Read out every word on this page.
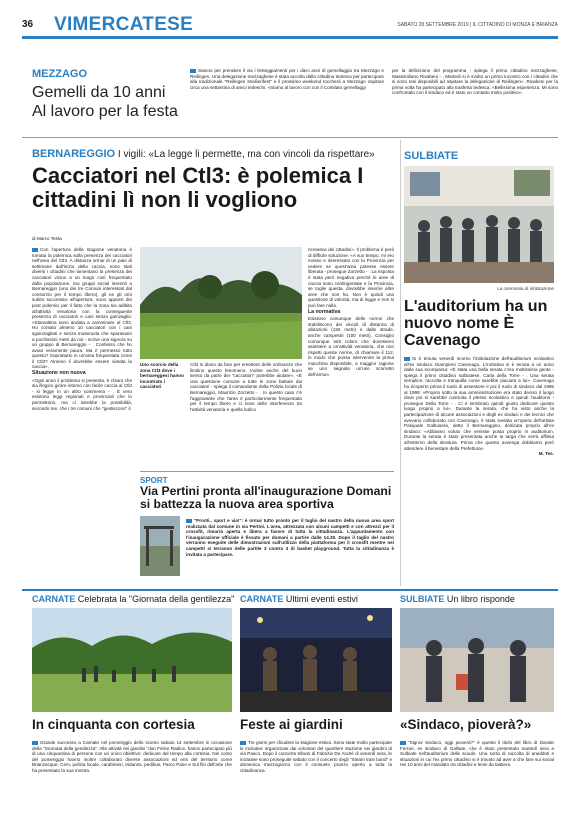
36 VIMERCATESE	SABATO 28 SETTEMBRE 2019 | IL CITTADINO DI MONZA E BRIANZA
MEZZAGO
Gemelli da 10 anni Al lavoro per la festa
Stanno per prendere il via i festeggiamenti per i dieci anni di gemellaggio tra Mezzago e Reilingen. Una delegazione mezzaghese è stata accolta dalla cittadina tedesca per partecipare alla tradizionale "Reilingen straßenfest" e il prossimo weekend toccherà a Mezzago ospitare circa una settantina di amici tedeschi. «Siamo al lavoro con con il Comitato gemellaggi
per la definizione del programma - spiega il primo cittadino mezzaghese, Massimiliano Rivabeni - . Martedì si è svolto un primo incontro con i cittadini che si sono resi disponibili ad ospitare la delegazione di Reilingen». Rivabeni per la prima volta ha partecipato alla trasferta tedesca: «Bellissima esperienza. Mi sono confrontato con il sindaco ed è stato un contatto molto positivo».
BERNAREGGIO I vigili: «La legge li permette, ma con vincoli da rispettare»
Cacciatori nel Ctl3: è polemica I cittadini lì non li vogliono
di Marco Testa

Con l'apertura della stagione venatoria è tornata la polemica sulla presenza dei cacciatori nell'area del Ctl3. A distanza ormai di un paio di settimane dall'inizio della caccia, sono stati diversi i cittadini che lamentano la presenza dei cacciatori vicino a un luogo così frequentato dalla popolazione. Sui gruppi social inerenti a Bernareggio (uno dei tre Comuni interessati dal consorzio per il tempo libero), gli ne gli orni subito successivi all'apertura, sono apparsi dei post polemici per il fatto che la zona sia adibita all'attività venatoria con la conseguente presenza di cacciatori e cani senza guinzaglio: «Stamattina sono andata a camminare al Ctl3. Ho contato almeno 10 cacciatori con i cani sguinzagliati e senza museruola che sparavano a pochissimi metri da noi - scrive una signora su un gruppo di Bernareggio - . Confesso che ho avuto veramente paura. Ma è permesso tutto questo? Soprattutto in un'area frequentata come il Ctl3? Almeno li dovrebbe essere vietata la caccia».

Situazione non nuova

«Ogni anno il problema si presenta, è chiaro che sia illogico girare intorno con facile caccia al Ctl3 - si legge in un altro commento - . È vero esistono leggi regionali e provinciali che lo permettono, ma ci sarebbe la possibilità, secondo me, che i tre comuni che "gestiscono" il

Uno scorcio della zona Ctl3 dove i bernareggesi hanno incontrato i cacciatori
Ctl3 si diano da fare per emettere delle ordinanze che limitino questo fenomeno. Inoltre anche del buon senso da parte dei "cacciatori" potrebbe aiutare». «È una questione comune a tutte le zone battute dai cacciatori - spiega il comandante della Polizia locale di Bernareggio, Maurizio Zorzetto - . In questo caso c'è l'aggravante che l'area è particolarmente frequentata per il tempo libero e ci sono delle interferenze tra l'attività venatoria e quella ludico

ricreativa dei cittadini». Il problema è però di difficile soluzione: «A suo tempo, mi ero mosso e interessato con la Provincia per vedere se quest'area potesse essere liberata - prosegue Zorzetto - . La risposta è stata però negativa perché le aree di caccia sono contingentate e la Provincia, se toglie questa, dovrebbe inserire altre aree che non ha. Non è quindi una questione di volontà, ma di legge e non si può fare nulla.

La normativa

Esistono comunque delle norme che stabiliscono dei vincoli di distanza di abitazioni (150 metri) e dalle strade, anche campestri (100 metri). Consiglio comunque tutti coloro che dovessero assistere a un'attività venatoria, che non rispetti queste norme, di chiamare il 112, in modo che possa intervenire la prima macchina disponibile, a maggior ragione se uno segnala un'uso scorretto dell'arma».

SPORT
Via Pertini pronta all'inaugurazione Domani si battezza la nuova area sportiva
"Pronti.. sport e via!": è ormai tutto pronto per il taglio del nastro della nuova area sport realizzata dal comune in via Pertini. L'area, attrezzata con alcuni campetti e con attrezzi per il crossfit, rimarrà aperta e libera a favore di tutta la cittadinanza. L'appuntamento con l'inaugurazione ufficiale è fissato per domani a partire dalle 14.30. Dopo il taglio del nastro verranno eseguite delle dimostrazioni sull'utilizzo della piattaforma per il crossfit mentre nei campetti si terranno delle partite 3 contro 3 di basket playground. Tutta la cittadinanza è invitata a partecipare.
SULBIATE
La cerimonia di intitolazione
L'auditorium ha un nuovo nome È Cavenago
Si è tenuta venerdì scorso l'intitolazione dell'auditorium scolastico all'ex sindaco Giampiero Cavenago. L'iniziativa si è tenuta a un anno dalla sua scomparsa: «È stata una bella serata c'era moltissima gente - spiega il primo cittadino sulbiatese, Carla della Torre - . Una serata semplice, raccolta e tranquilla come sarebbe piaciuta a lui». Cavenago ha ricoperto prima il ruolo di assessore e poi il ruolo di sindaco dal 1995 al 1999: «Proprio sotto la sua amministrazione era stato deciso il luogo dove poi si sarebbe costruita il plesso scolastico e quindi l'auditorio - prosegue Della Torre - . Ci è sembrato quindi giusto dedicare questo luogo proprio a lui». Durante la serata, che ha visto anche la partecipazione di alcune associazioni e degli ex sindaci e dei tecnici che avevano collaborato con Cavenago, è stata svelata un'opera dell'artista Pasquale Galbusera, detto il Bernareggino, dedicata proprio all'ex sindaco: «Abbiamo voluto che venisse posta proprio in auditorium. Durante la serata è stato presentata anche la targa che verrà affissa all'esterno della struttura. Prima che questo avvenga dobbiamo però attendere il benestare della Prefettura».
M. Tes.
CARNATE Celebrata la "Giornata della gentilezza"
In cinquanta con cortesia
Grande successo a Carnate nel pomeriggio dello scorso sabato 14 settembre in occasione della "Giornata della gentilezza". Alle attività nei giardini "don Felice Radice, hanno partecipato più di una cinquantina di persone con un unico obiettivo: dedicare del tempo alla cortesia. Nel corso del pomeriggio hanno inoltre collaborato diverse associazioni ed enti del territorio come Brianzacque, Cem, polizia locale, carabinieri, Iridanza, pedibus, Parco Pane e Sul filo dell'arte che ha presentato la sua mostra.
CARNATE Ultimi eventi estivi
Feste ai giardini
Tre giorni per chiudere la stagione estiva. Sono state molto partecipate le iniziative organizzate dai volontari del quartiere stazione nei giardini di via Pasco. Dopo il concerto tributo di Fabrizio De André di venerdì sera, le iniziative sono proseguite sabato con il concerto degli "Steam train band" e domenica mezzogiorno con il consueto pranzo aperto a tutta la cittadinanza.
SULBIATE Un libro risponde
«Sindaco, pioverà?»
"Signor sindaco, oggi pioverà?" è questo il titolo del libro di Davide Ferrari, ex sindaco di Galliate, che è stato presentato martedì sera a Sulbiate nell'auditorium delle scuole. Una sorta di raccolta di aneddoti e situazioni in cui l'ex primo cittadino si è trovato ad aver a che fare sui social nei 10 anni del mandato tra cittadini e leoni da tastiera.
